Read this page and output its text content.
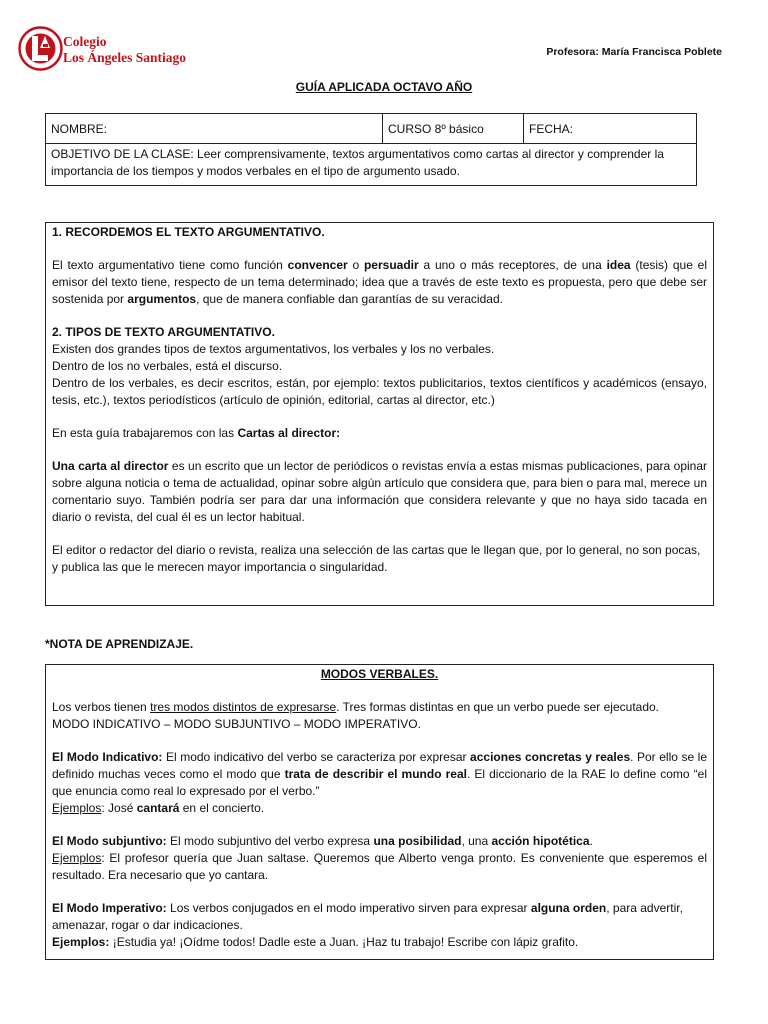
Colegio
Los Ángeles Santiago	Profesora: María Francisca Poblete
GUÍA APLICADA OCTAVO AÑO
NOMBRE:	CURSO 8º básico	FECHA:
OBJETIVO DE LA CLASE: Leer comprensivamente, textos argumentativos como cartas al director y comprender la importancia de los tiempos y modos verbales en el tipo de argumento usado.

1. RECORDEMOS EL TEXTO ARGUMENTATIVO.

El texto argumentativo tiene como función convencer o persuadir a uno o más receptores, de una idea (tesis) que el emisor del texto tiene, respecto de un tema determinado; idea que a través de este texto es propuesta, pero que debe ser sostenida por argumentos, que de manera confiable dan garantías de su veracidad.

2. TIPOS DE TEXTO ARGUMENTATIVO.
Existen dos grandes tipos de textos argumentativos, los verbales y los no verbales.
Dentro de los no verbales, está el discurso.

Dentro de los verbales, es decir escritos, están, por ejemplo: textos publicitarios, textos científicos y académicos (ensayo, tesis, etc.), textos periodísticos (artículo de opinión, editorial, cartas al director, etc.)

En esta guía trabajaremos con las Cartas al director:

Una carta al director es un escrito que un lector de periódicos o revistas envía a estas mismas publicaciones, para opinar sobre alguna noticia o tema de actualidad, opinar sobre algún artículo que considera que, para bien o para mal, merece un comentario suyo. También podría ser para dar una información que considera relevante y que no haya sido tacada en diario o revista, del cual él es un lector habitual.

El editor o redactor del diario o revista, realiza una selección de las cartas que le llegan que, por lo general, no son pocas, y publica las que le merecen mayor importancia o singularidad.

*NOTA DE APRENDIZAJE.

MODOS VERBALES.

Los verbos tienen tres modos distintos de expresarse. Tres formas distintas en que un verbo puede ser ejecutado.

MODO INDICATIVO – MODO SUBJUNTIVO – MODO IMPERATIVO.

El Modo Indicativo: El modo indicativo del verbo se caracteriza por expresar acciones concretas y reales. Por ello se le definido muchas veces como el modo que trata de describir el mundo real. El diccionario de la RAE lo define como “el que enuncia como real lo expresado por el verbo.”

Ejemplos: José cantará en el concierto.

El Modo subjuntivo: El modo subjuntivo del verbo expresa una posibilidad, una acción hipotética.

Ejemplos: El profesor quería que Juan saltase. Queremos que Alberto venga pronto. Es conveniente que esperemos el resultado. Era necesario que yo cantara.

El Modo Imperativo: Los verbos conjugados en el modo imperativo sirven para expresar alguna orden, para advertir, amenazar, rogar o dar indicaciones.
Ejemplos: ¡Estudia ya! ¡Oídme todos! Dadle este a Juan. ¡Haz tu trabajo! Escribe con lápiz grafito.
